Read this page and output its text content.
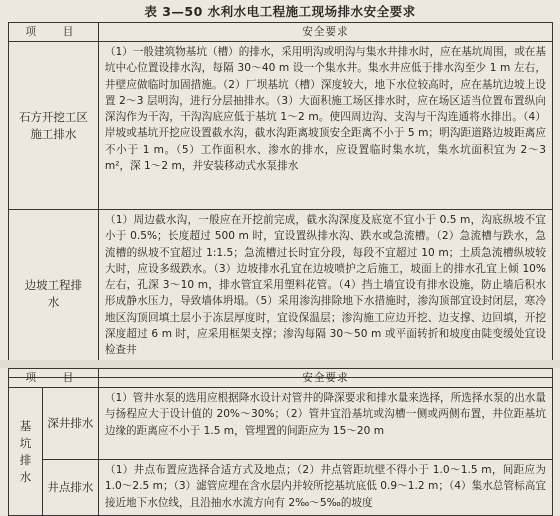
表 3—50 水利水电工程施工现场排水安全要求
项　目	安全要求
石方开挖工区施工排水	（1）一般建筑物基坑（槽）的排水，采用明沟或明沟与集水井排水时，应在基坑周围，或在基坑中心位置设排水沟，每隔 30～40 m 设一个集水井。集水井应低于排水沟至少 1 m 左右，井壁应做临时加固措施。（2）厂坝基坑（槽）深度较大，地下水位较高时，应在基坑边坡上设置 2～3 层明沟，进行分层抽排水。（3）大面积施工场区排水时，应在场区适当位置布置纵向深沟作为干沟，干沟沟底应低于基坑 1～2 m。使四周边沟、支沟与干沟连通将水排出。（4）岸坡或基坑开挖应设置截水沟，截水沟距离坡顶安全距离不小于 5 m；明沟距道路边坡距离应不小于 1 m。（5）工作面积水、渗水的排水，应设置临时集水坑，集水坑面积宜为 2～3 m²，深 1～2 m，并安装移动式水泵排水
边坡工程排水	（1）周边截水沟，一般应在开挖前完成，截水沟深度及底宽不宜小于 0.5 m，沟底纵坡不宜小于 0.5%；长度超过 500 m 时，宜设置纵排水沟、跌水或急流槽。（2）急流槽与跌水，急流槽的纵坡不宜超过 1:1.5；急流槽过长时宜分段，每段不宜超过 10 m；土质急流槽纵坡较大时，应设多级跌水。（3）边坡排水孔宜在边坡喷护之后施工，坡面上的排水孔宜上倾 10% 左右，孔深 3～10 m，排水管宜采用塑料花管。（4）挡土墙宜设有排水设施，防止墙后积水形成静水压力，导致墙体坍塌。（5）采用渗沟排除地下水措施时，渗沟顶部宜设封闭层，寒冷地区沟顶回填土层小于冻层厚度时，宜设保温层；渗沟施工应边开挖、边支撑、边回填，开挖深度超过 6 m 时，应采用框架支撑；渗沟每隔 30～50 m 或平面转折和坡度由陡变缓处宜设检查井
项　目		安全要求
基坑排水	深井排水	（1）管井水泵的选用应根据降水设计对管井的降深要求和排水量来选择，所选择水泵的出水量与扬程应大于设计值的 20%～30%；（2）管井宜沿基坑或沟槽一侧或两侧布置，井位距基坑边缘的距离应不小于 1.5 m，管埋置的间距应为 15～20 m
	井点排水	（1）井点布置应选择合适方式及地点；（2）井点管距坑壁不得小于 1.0～1.5 m，间距应为 1.0～2.5 m；（3）滤管应埋在含水层内并较所挖基坑底低 0.9～1.2 m；（4）集水总管标高宜接近地下水位线，且沿抽水水流方向有 2‰～5‰的坡度
